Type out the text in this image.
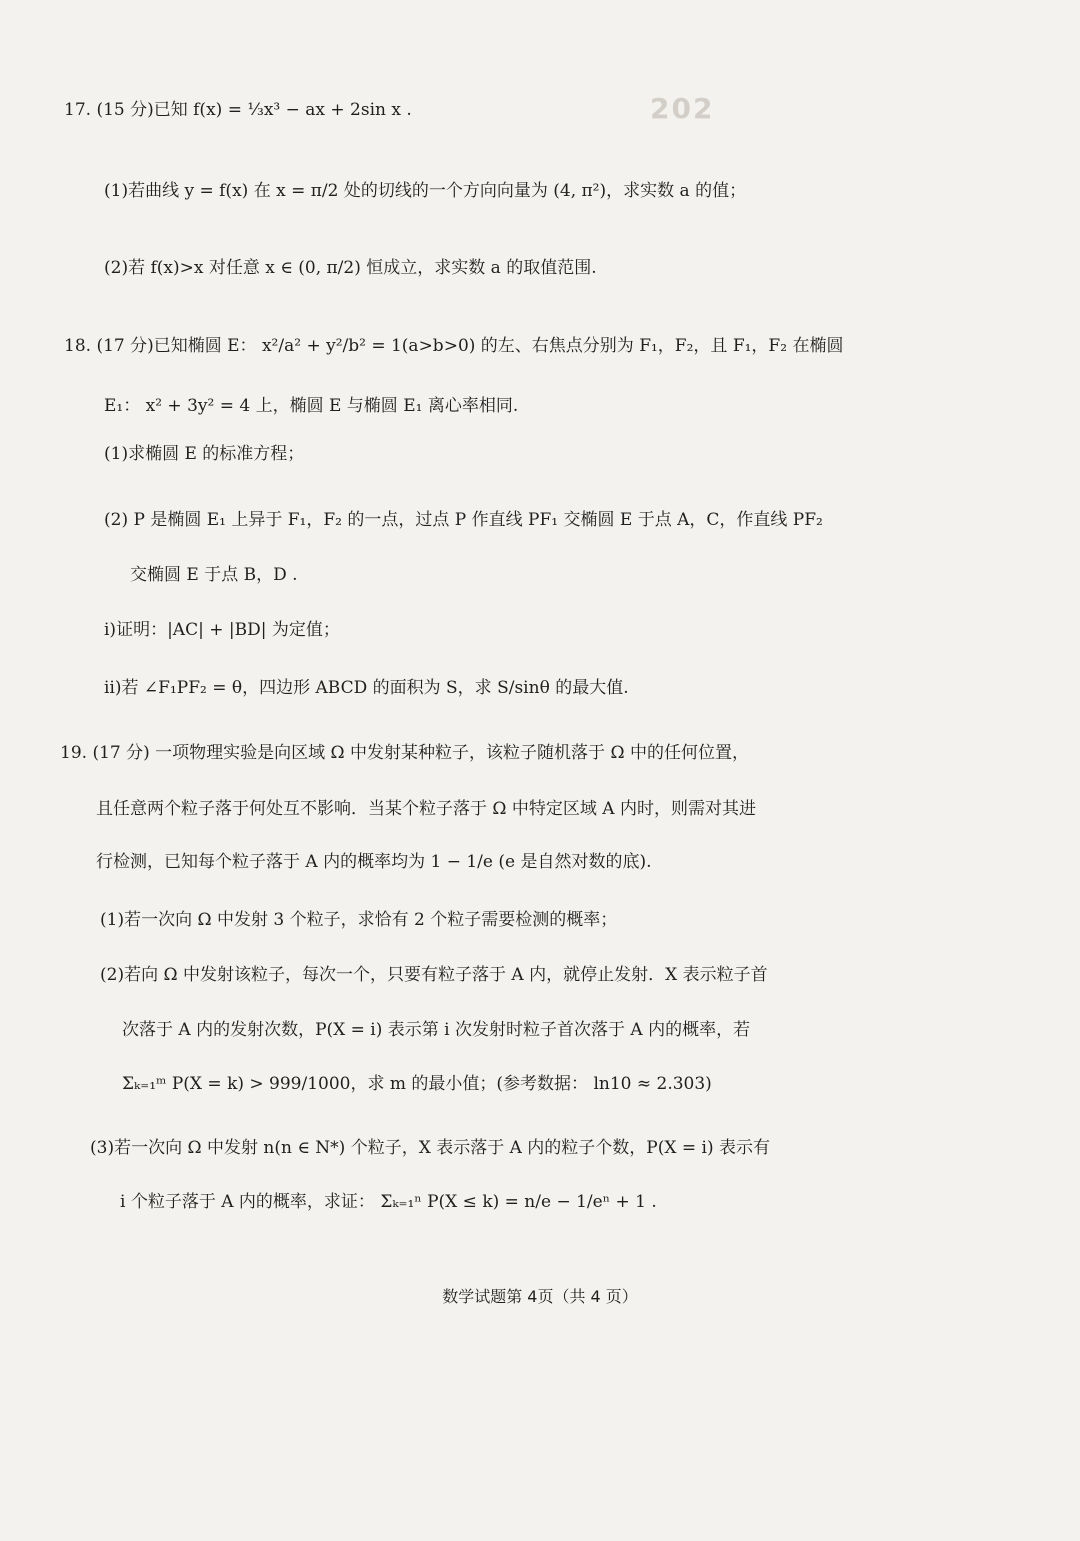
202
17. (15 分)已知 f(x) = ⅓x³ − ax + 2sin x .
(1)若曲线 y = f(x) 在 x = π/2 处的切线的一个方向向量为 (4, π²)，求实数 a 的值；
(2)若 f(x)>x 对任意 x ∈ (0, π/2) 恒成立，求实数 a 的取值范围.
18. (17 分)已知椭圆 E： x²/a² + y²/b² = 1(a>b>0) 的左、右焦点分别为 F₁，F₂，且 F₁，F₂ 在椭圆
E₁： x² + 3y² = 4 上，椭圆 E 与椭圆 E₁ 离心率相同.
(1)求椭圆 E 的标准方程；
(2) P 是椭圆 E₁ 上异于 F₁，F₂ 的一点，过点 P 作直线 PF₁ 交椭圆 E 于点 A，C，作直线 PF₂
交椭圆 E 于点 B，D .
ⅰ)证明：|AC| + |BD| 为定值；
ⅱ)若 ∠F₁PF₂ = θ，四边形 ABCD 的面积为 S，求 S/sinθ 的最大值.
19. (17 分) 一项物理实验是向区域 Ω 中发射某种粒子，该粒子随机落于 Ω 中的任何位置，
且任意两个粒子落于何处互不影响．当某个粒子落于 Ω 中特定区域 A 内时，则需对其进
行检测，已知每个粒子落于 A 内的概率均为 1 − 1/e (e 是自然对数的底).
(1)若一次向 Ω 中发射 3 个粒子，求恰有 2 个粒子需要检测的概率；
(2)若向 Ω 中发射该粒子，每次一个，只要有粒子落于 A 内，就停止发射．X 表示粒子首
次落于 A 内的发射次数，P(X = i) 表示第 i 次发射时粒子首次落于 A 内的概率，若
Σₖ₌₁ᵐ P(X = k) > 999/1000，求 m 的最小值；(参考数据： ln10 ≈ 2.303)
(3)若一次向 Ω 中发射 n(n ∈ N*) 个粒子，X 表示落于 A 内的粒子个数，P(X = i) 表示有
i 个粒子落于 A 内的概率，求证： Σₖ₌₁ⁿ P(X ≤ k) = n/e − 1/eⁿ + 1 .
数学试题第 4页（共 4 页）
